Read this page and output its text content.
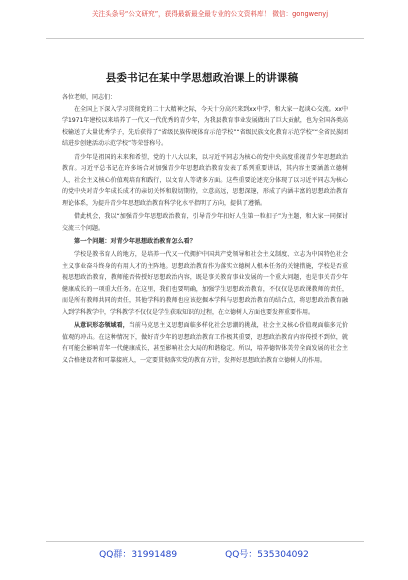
关注头条号“公文研究”，获得最新最全最专业的公文资料库！ 微信：gongwenyj
县委书记在某中学思想政治课上的讲课稿

各位老师，同志们：

在全国上下深入学习贯彻党的二十大精神之际，今天十分高兴来到xx中学，和大家一起谈心交流。xx中学1971年建校以来培养了一代又一代优秀的青少年，为我县教育事业发展做出了巨大贡献，也为全国各类高校输送了大量优秀学子，先后获得了“省级民族传统体育示范学校”“省级民族文化教育示范学校”“全省民族团结进步创建活动示范学校”等荣誉称号。

青少年是祖国的未来和希望，党的十八大以来，以习近平同志为核心的党中央高度重视青少年思想政治教育。习近平总书记在许多场合对加强青少年思想政治教育发表了系列重要讲话，其内容主要涵盖立德树人，社会主义核心价值观培育和践行，以文育人等诸多方面。这些重要论述充分体现了以习近平同志为核心的党中央对青少年成长成才的亲切关怀和殷切期待，立意高远，思想深邃，形成了内涵丰富的思想政治教育理论体系，为提升青少年思想政治教育科学化水平指明了方向，提供了遵循。

借此机会，我以“加强青少年思想政治教育，引导青少年扣好人生第一粒扣子”为主题，和大家一同探讨交流三个问题。

第一个问题：对青少年思想政治教育怎么看？

学校是教书育人的地方，是培养一代又一代拥护中国共产党领导和社会主义制度、立志为中国特色社会主义事业奋斗终身的有用人才的主阵地。思想政治教育作为落实立德树人根本任务的关键措施，学校是否重视思想政治教育，教师能否传授好思想政治内容，既是事关教育事业发展的一个重大问题，也是事关青少年健康成长的一项重大任务。在这里，我们也要明确，加强学生思想政治教育，不仅仅是思政课教师的责任，而是所有教师共同的责任，其他学科的教师也应该挖掘本学科与思想政治教育的结合点，将思想政治教育融入到学科教学中，学科教学不仅仅是学生获取知识的过程，在立德树人方面也要发挥重要作用。

从意识形态领域看，当前马克思主义思想面临多样化社会思潮的挑战，社会主义核心价值观面临多元价值观的冲击。在这种情况下，做好青少年的思想政治教育工作极其重要，思想政治教育内容传授不到位，就有可能会影响青年一代健康成长，甚至影响社会大局的和谐稳定。所以，培养德智体美劳全面发展的社会主义合格建设者和可靠接班人，一定要贯彻落实党的教育方针，发挥好思想政治教育立德树人的作用。

QQ群：31991489	QQ号：535304092
